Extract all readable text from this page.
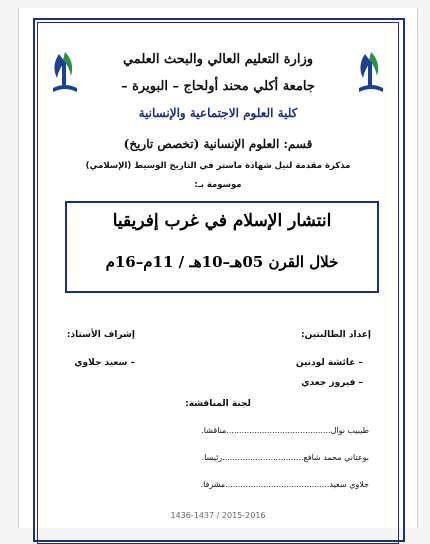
وزارة التعليم العالي والبحث العلمي
جامعة أكلي محند أولحاج – البويرة –
كلية العلوم الاجتماعية والإنسانية
قسم: العلوم الإنسانية (تخصص تاريخ)
مذكرة مقدمة لنيل شهادة ماستر في التاريخ الوسيط (الإسلامي)
موسومة بـ:
انتشار الإسلام في غرب إفريقيا
خلال القرن 05هـ–10هـ / 11م–16م
إعداد الطالبتين:
إشراف الأستاذ:
– عائشة لودنين
– فيروز جعدي
– سعيد جلاوي
لجنة المناقشة:
طيبيب نوال.........................................مناقشا.
بوعتاني محمد شافع................................رئيسا.
جلاوي سعيد.........................................مشرفا.
2015-2016 / 1436-1437
